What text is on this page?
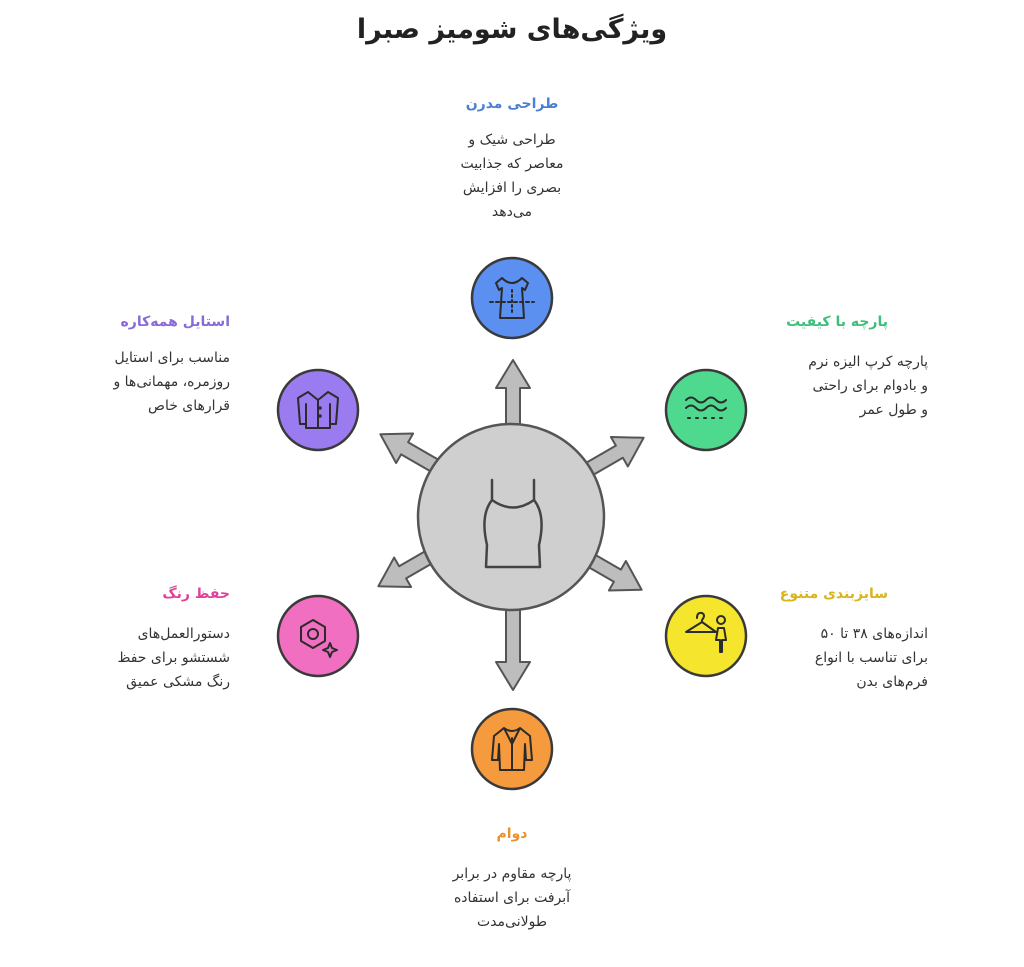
ویژگی‌های شومیز صبرا
طراحی مدرن
طراحی شیک و
معاصر که جذابیت
بصری را افزایش
می‌دهد
پارچه با کیفیت
پارچه کرپ الیزه نرم
و بادوام برای راحتی
و طول عمر
سایزبندی متنوع
اندازه‌های ۳۸ تا ۵۰
برای تناسب با انواع
فرم‌های بدن
دوام
پارچه مقاوم در برابر
آبرفت برای استفاده
طولانی‌مدت
حفظ رنگ
دستورالعمل‌های
شستشو برای حفظ
رنگ مشکی عمیق
استایل همه‌کاره
مناسب برای استایل
روزمره، مهمانی‌ها و
قرارهای خاص
